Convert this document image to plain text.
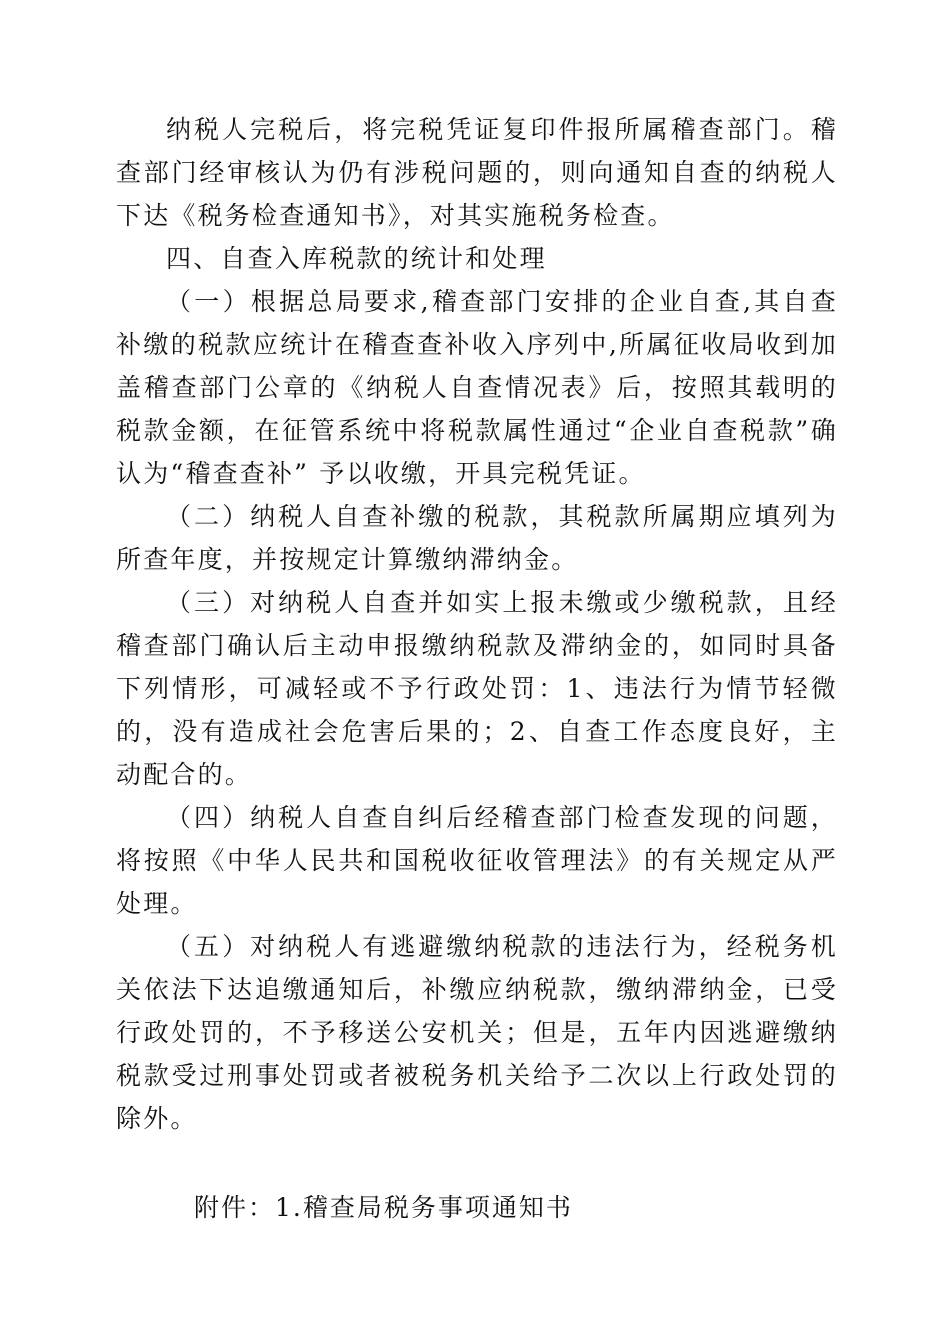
纳税人完税后，将完税凭证复印件报所属稽查部门。稽查部门经审核认为仍有涉税问题的，则向通知自查的纳税人下达《税务检查通知书》，对其实施税务检查。

四、自查入库税款的统计和处理

（一）根据总局要求,稽查部门安排的企业自查,其自查补缴的税款应统计在稽查查补收入序列中,所属征收局收到加盖稽查部门公章的《纳税人自查情况表》后，按照其载明的税款金额，在征管系统中将税款属性通过“企业自查税款”确认为“稽查查补” 予以收缴，开具完税凭证。

（二）纳税人自查补缴的税款，其税款所属期应填列为所查年度，并按规定计算缴纳滞纳金。

（三）对纳税人自查并如实上报未缴或少缴税款，且经稽查部门确认后主动申报缴纳税款及滞纳金的，如同时具备下列情形，可减轻或不予行政处罚：1、违法行为情节轻微的，没有造成社会危害后果的；2、自查工作态度良好，主动配合的。

（四）纳税人自查自纠后经稽查部门检查发现的问题，将按照《中华人民共和国税收征收管理法》的有关规定从严处理。

（五）对纳税人有逃避缴纳税款的违法行为，经税务机关依法下达追缴通知后，补缴应纳税款，缴纳滞纳金，已受行政处罚的，不予移送公安机关；但是，五年内因逃避缴纳税款受过刑事处罚或者被税务机关给予二次以上行政处罚的除外。

附件：1.稽查局税务事项通知书
